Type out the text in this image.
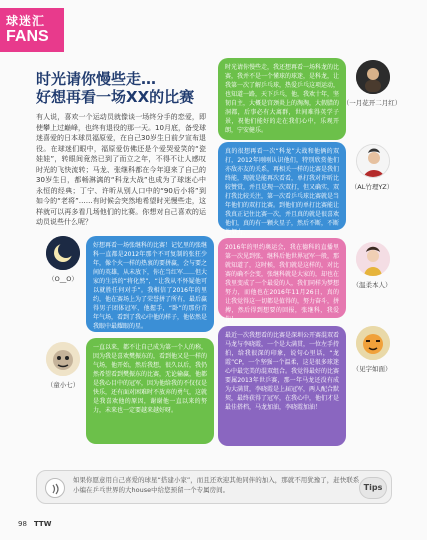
球迷汇
FANS
时光请你慢些走…
好想再看一场XX的比赛
有人说，喜欢一个运动员就像谈一场终分手的恋爱，即使攀上过巅峰，也终有退役的那一天。10月底，备受球迷喜爱的日本球员福原爱，在自己30岁生日前夕宣布退役。在球迷们眼中，福原爱仿佛还是个爱哭爱笑的“瓷娃娃”，转眼间竟然已到了而立之年，不得不让人感叹时光的飞快流转；马龙、张继科都在今年迎来了自己的30岁生日，都畅淋漓的“科龙大战”也成为了球迷心中永恒的经典；丁宁、许昕从别人口中的“90后小将”到如今的“老将”……有时候会突然地希望时光慢些走，这样就可以再多看几场他们的比赛。你想对自己喜欢的运动员说些什么呢？
时光请你慢些走，我还想再看一场科龙的比赛，我并不是一个懂球的球迷，是科龙，让我第一次了解乒乓球，热爱乒乓这项运动，也知道一路，天下乒乓，他，我欢十年，坚韧自主，大概是宫颈炎上的淘淘，大假腊的洞都，后事必有大离群，世间难得英学子景，祝他们能好的走在我们心中，乐观开朗，宁安健乐。
（一月花开二月红）
真的很想再看一次“科龙”大战和他俩的双打，2012年刚刚认识他们，特别欣赏他们亦敌亦友的关系，再相关一样的比赛是我们终能，现就是能再次看看，单打我对许昕比较赞赏，并且是现一次双打，但又确实，双打我比较关注，第一次看乒乓球比赛就是当年他们的双打比赛。到他们的单打比赛能让我真正记住比赛一次，并且真的就是很喜欢他们，真的有一颗火星子，然后不断，不断地努力。
（AL竹理YZ）
好想再看一场张继科的比赛！记忆里的张继科一直都是2012年那个不可复制的张狂少年，像个火一样的热衷的要拼赢，会与要之间的英雄，从未放下，你在当红军……但大家的生活的“将化然”，“让我从不怀疑他可以就胜任何对手”。我相信了2016年的里约，他在赛场上为了荣誉拼了所有，最后赢得男子团体冠军，他握手，“卧”的那份青年气场，看到了我心中他的样子，他依然是我眼中最耀眼的星。
（O__O）
2016年的里约奥运会，我在德科的直播里第一次见到张，继科后他世界冠军一般，那就知道了，这时候，我们就是这样的，对比赛的确不会变，张继科就是大家的，却也在我里变成了一个最爱的人，我们同样为梦想努力，而他也在2016年11月26日，真的让我觉得这一切都是值得的，努力奋斗，拼搏，然后得到想要的回报，张继科，我爱你！
（温柔本人）
一直以来，都不让自己成为第一个人的称，因为我是喜欢樊振东的，看到他又是一样的气场，他开始，然后我想，很久以后，我仍然希望看到樊振东的比赛，无论输赢，他都是我心目中的冠军，因为他给我的不仅仅是快乐，还有面对困难时不放弃的勇气，这就是我喜欢他的原因，谢谢他一直以来的努力，未来也一定要越来越好呀。
（童小七）
最近一次我想看的比赛是深圳公开赛混双看马龙与李晓霞，一个是大满贯，一位左手持拍，给我很深的印象，说句心里话，“龙霞”CP，一个坚强一个温柔，这是很多球迷心中最完美的混双组合。我觉得最好的比赛要属2013年世乒赛，那一年马龙还没有成为大满贯，李晓霞是上届冠军，两人配合默契，最终获得了冠军，在我心中，他们才是最佳搭档，马龙加油，李晓霞加油！
（见字如面）
如果你愿意用自己喜爱的球星“搭建小家”，而且还欢迎其他同伴的加入，那就不用犹豫了，赶快联系小编在乒乓世界的大house中给您预留一个专属房间。	Tips
98 TTW
